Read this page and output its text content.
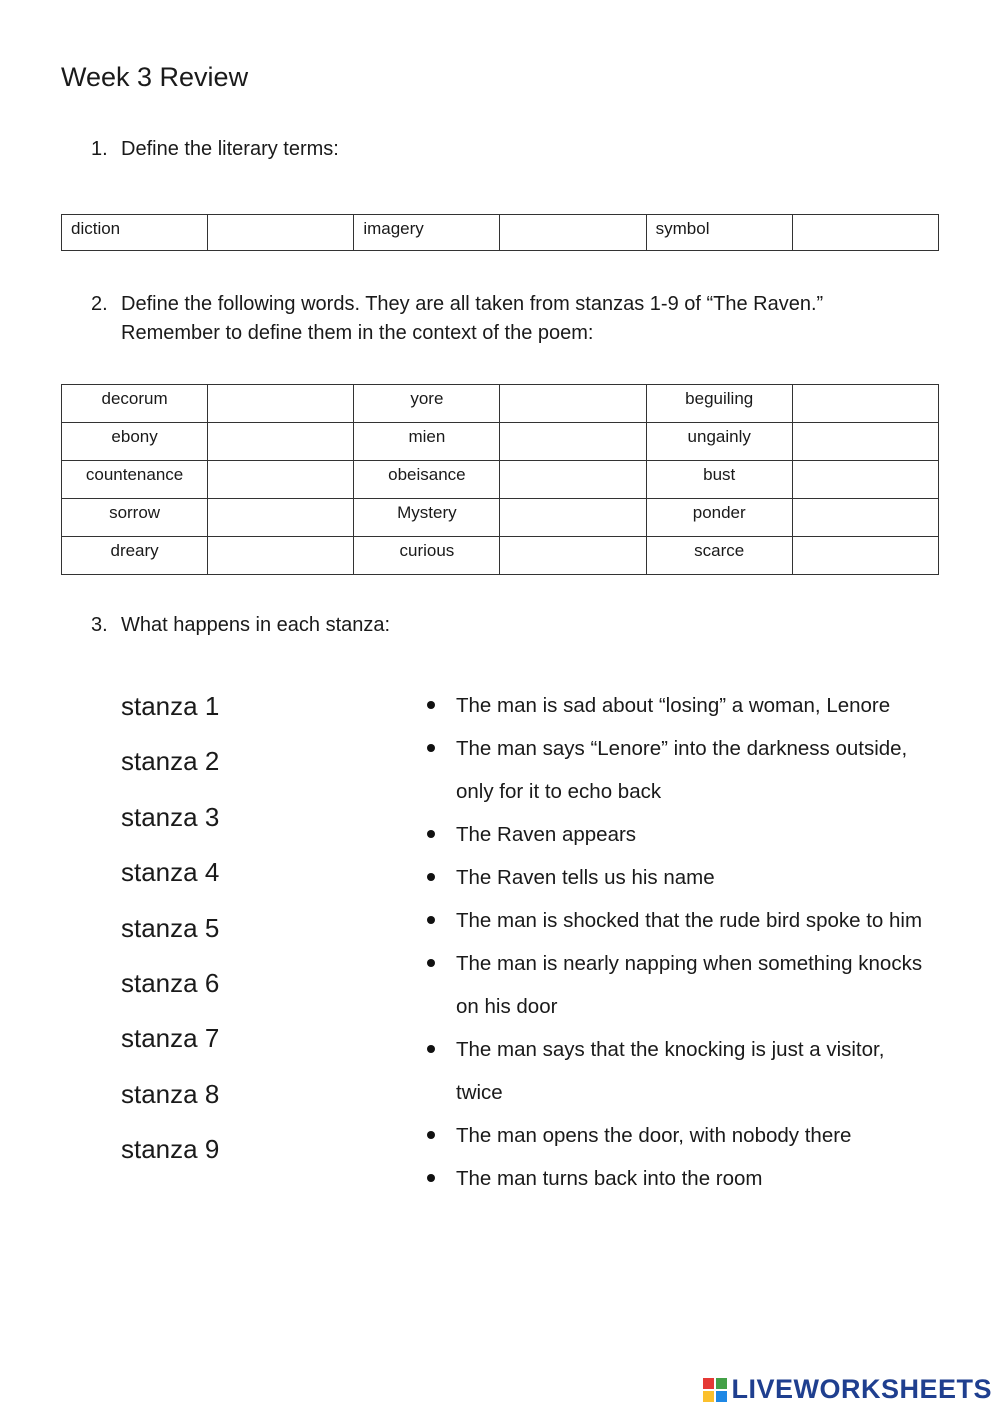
Week 3 Review
1. Define the literary terms:
diction		imagery		symbol	
2. Define the following words. They are all taken from stanzas 1-9 of “The Raven.”
Remember to define them in the context of the poem:
decorum		yore		beguiling	
ebony		mien		ungainly	
countenance		obeisance		bust	
sorrow		Mystery		ponder	
dreary		curious		scarce	
3. What happens in each stanza:
stanza 1
stanza 2
stanza 3
stanza 4
stanza 5
stanza 6
stanza 7
stanza 8
stanza 9

The man is sad about “losing” a woman, Lenore

The man says “Lenore” into the darkness outside, only for it to echo back

The Raven appears

The Raven tells us his name

The man is shocked that the rude bird spoke to him

The man is nearly napping when something knocks on his door

The man says that the knocking is just a visitor, twice

The man opens the door, with nobody there

The man turns back into the room

LIVEWORKSHEETS
